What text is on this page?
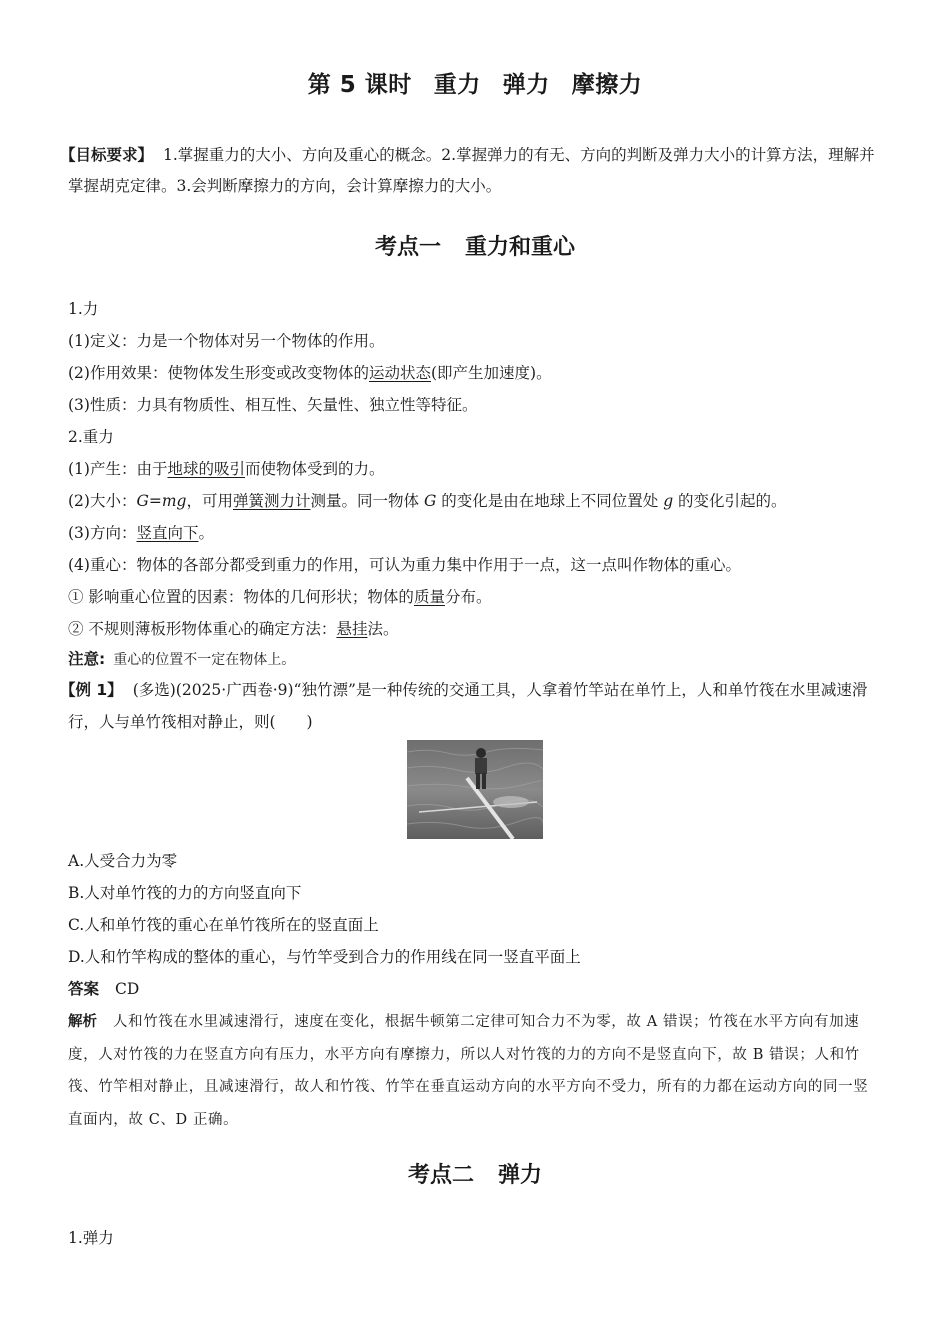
第 5 课时 重力 弹力 摩擦力
【目标要求】 1.掌握重力的大小、方向及重心的概念。2.掌握弹力的有无、方向的判断及弹力大小的计算方法，理解并掌握胡克定律。3.会判断摩擦力的方向，会计算摩擦力的大小。
考点一 重力和重心
1.力
(1)定义：力是一个物体对另一个物体的作用。
(2)作用效果：使物体发生形变或改变物体的运动状态(即产生加速度)。
(3)性质：力具有物质性、相互性、矢量性、独立性等特征。
2.重力
(1)产生：由于地球的吸引而使物体受到的力。
(2)大小：G=mg，可用弹簧测力计测量。同一物体 G 的变化是由在地球上不同位置处 g 的变化引起的。
(3)方向：竖直向下。
(4)重心：物体的各部分都受到重力的作用，可认为重力集中作用于一点，这一点叫作物体的重心。
① 影响重心位置的因素：物体的几何形状；物体的质量分布。
② 不规则薄板形物体重心的确定方法：悬挂法。
注意: 重心的位置不一定在物体上。
【例 1】 (多选)(2025·广西卷·9)“独竹漂”是一种传统的交通工具，人拿着竹竿站在单竹上，人和单竹筏在水里减速滑行，人与单竹筏相对静止，则(　　)
A.人受合力为零
B.人对单竹筏的力的方向竖直向下
C.人和单竹筏的重心在单竹筏所在的竖直面上
D.人和竹竿构成的整体的重心，与竹竿受到合力的作用线在同一竖直平面上
答案 CD
解析 人和竹筏在水里减速滑行，速度在变化，根据牛顿第二定律可知合力不为零，故 A 错误；竹筏在水平方向有加速度，人对竹筏的力在竖直方向有压力，水平方向有摩擦力，所以人对竹筏的力的方向不是竖直向下，故 B 错误；人和竹筏、竹竿相对静止，且减速滑行，故人和竹筏、竹竿在垂直运动方向的水平方向不受力，所有的力都在运动方向的同一竖直面内，故 C、D 正确。
考点二 弹力
1.弹力
